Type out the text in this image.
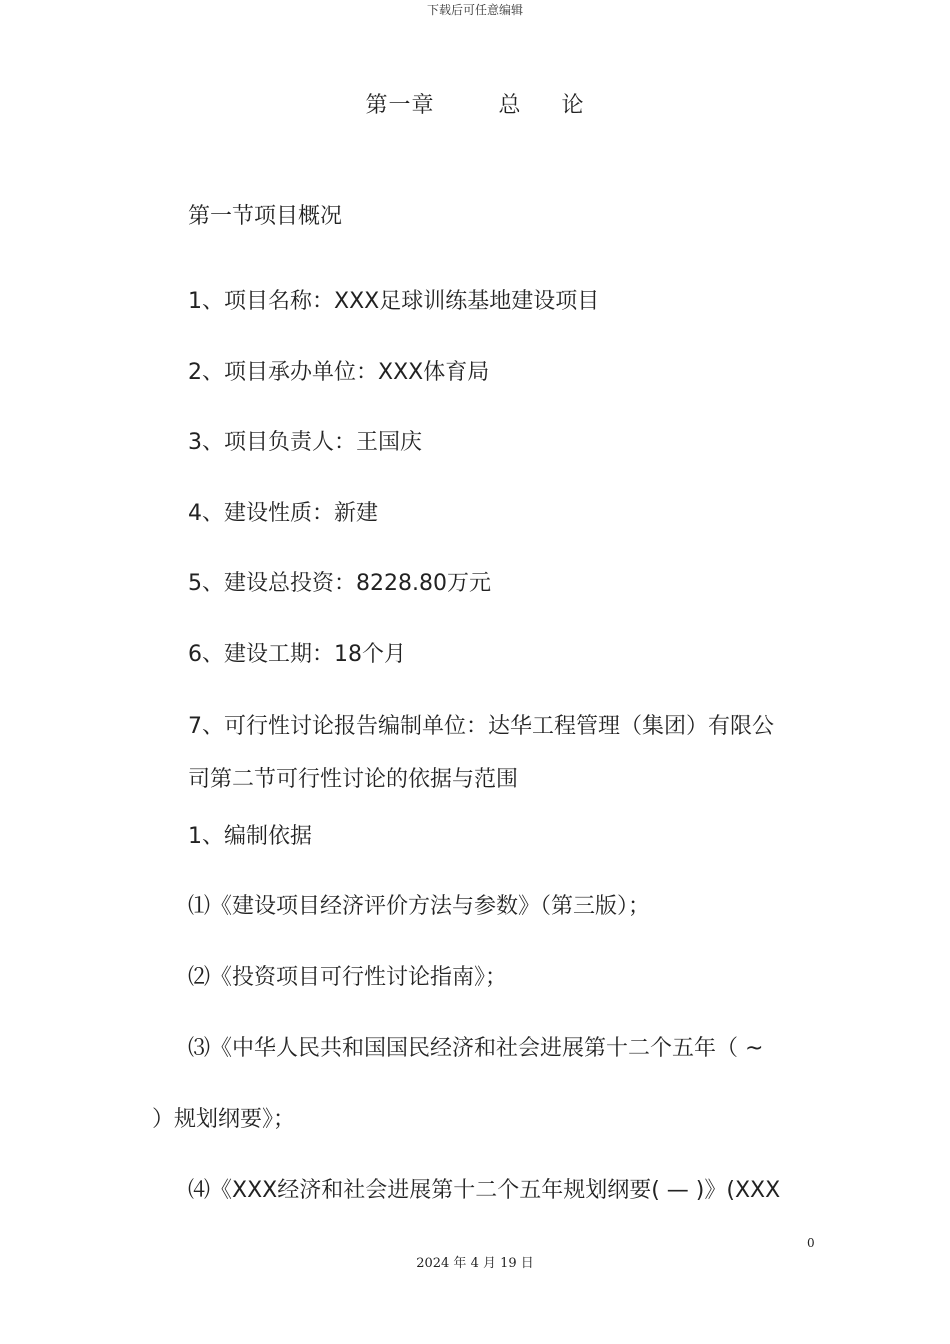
下载后可任意编辑
第一章        总     论
第一节项目概况
1、项目名称：XXX足球训练基地建设项目
2、项目承办单位：XXX体育局
3、项目负责人：王国庆
4、建设性质：新建
5、建设总投资：8228.80万元
6、建设工期：18个月
7、可行性讨论报告编制单位：达华工程管理（集团）有限公
司第二节可行性讨论的依据与范围
1、编制依据
⑴《建设项目经济评价方法与参数》（第三版）；
⑵《投资项目可行性讨论指南》；
⑶《中华人民共和国国民经济和社会进展第十二个五年（ ~
）规划纲要》；
⑷《XXX经济和社会进展第十二个五年规划纲要( — )》(XXX
0
2024 年 4 月 19 日
